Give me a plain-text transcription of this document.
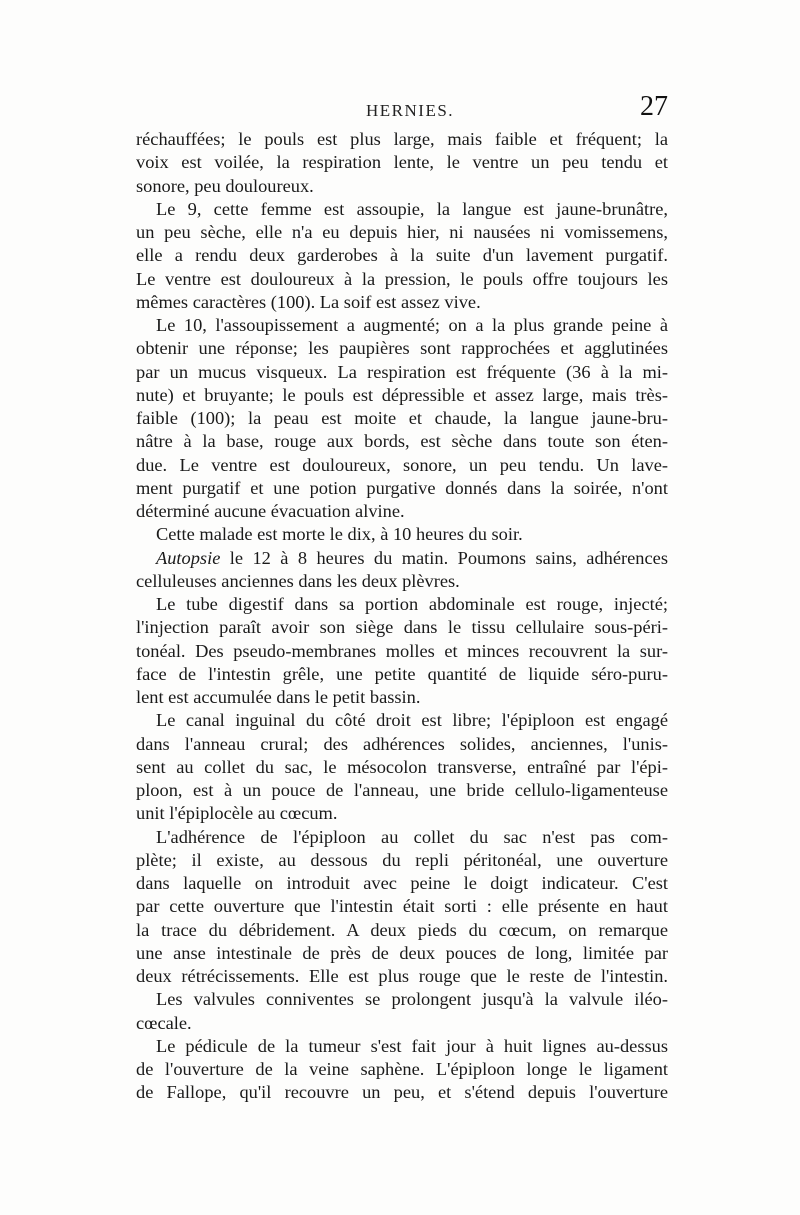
HERNIES.	27
réchauffées; le pouls est plus large, mais faible et fréquent; la
voix est voilée, la respiration lente, le ventre un peu tendu et
sonore, peu douloureux.
Le 9, cette femme est assoupie, la langue est jaune-brunâtre,
un peu sèche, elle n'a eu depuis hier, ni nausées ni vomissemens,
elle a rendu deux garderobes à la suite d'un lavement purgatif.
Le ventre est douloureux à la pression, le pouls offre toujours les
mêmes caractères (100). La soif est assez vive.
Le 10, l'assoupissement a augmenté; on a la plus grande peine à
obtenir une réponse; les paupières sont rapprochées et agglutinées
par un mucus visqueux. La respiration est fréquente (36 à la mi-
nute) et bruyante; le pouls est dépressible et assez large, mais très-
faible (100); la peau est moite et chaude, la langue jaune-bru-
nâtre à la base, rouge aux bords, est sèche dans toute son éten-
due. Le ventre est douloureux, sonore, un peu tendu. Un lave-
ment purgatif et une potion purgative donnés dans la soirée, n'ont
déterminé aucune évacuation alvine.
Cette malade est morte le dix, à 10 heures du soir.
Autopsie le 12 à 8 heures du matin. Poumons sains, adhérences
celluleuses anciennes dans les deux plèvres.
Le tube digestif dans sa portion abdominale est rouge, injecté;
l'injection paraît avoir son siège dans le tissu cellulaire sous-péri-
tonéal. Des pseudo-membranes molles et minces recouvrent la sur-
face de l'intestin grêle, une petite quantité de liquide séro-puru-
lent est accumulée dans le petit bassin.
Le canal inguinal du côté droit est libre; l'épiploon est engagé
dans l'anneau crural; des adhérences solides, anciennes, l'unis-
sent au collet du sac, le mésocolon transverse, entraîné par l'épi-
ploon, est à un pouce de l'anneau, une bride cellulo-ligamenteuse
unit l'épiplocèle au cœcum.
L'adhérence de l'épiploon au collet du sac n'est pas com-
plète; il existe, au dessous du repli péritonéal, une ouverture
dans laquelle on introduit avec peine le doigt indicateur. C'est
par cette ouverture que l'intestin était sorti : elle présente en haut
la trace du débridement. A deux pieds du cœcum, on remarque
une anse intestinale de près de deux pouces de long, limitée par
deux rétrécissements. Elle est plus rouge que le reste de l'intestin.
Les valvules conniventes se prolongent jusqu'à la valvule iléo-
cœcale.
Le pédicule de la tumeur s'est fait jour à huit lignes au-dessus
de l'ouverture de la veine saphène. L'épiploon longe le ligament
de Fallope, qu'il recouvre un peu, et s'étend depuis l'ouverture
